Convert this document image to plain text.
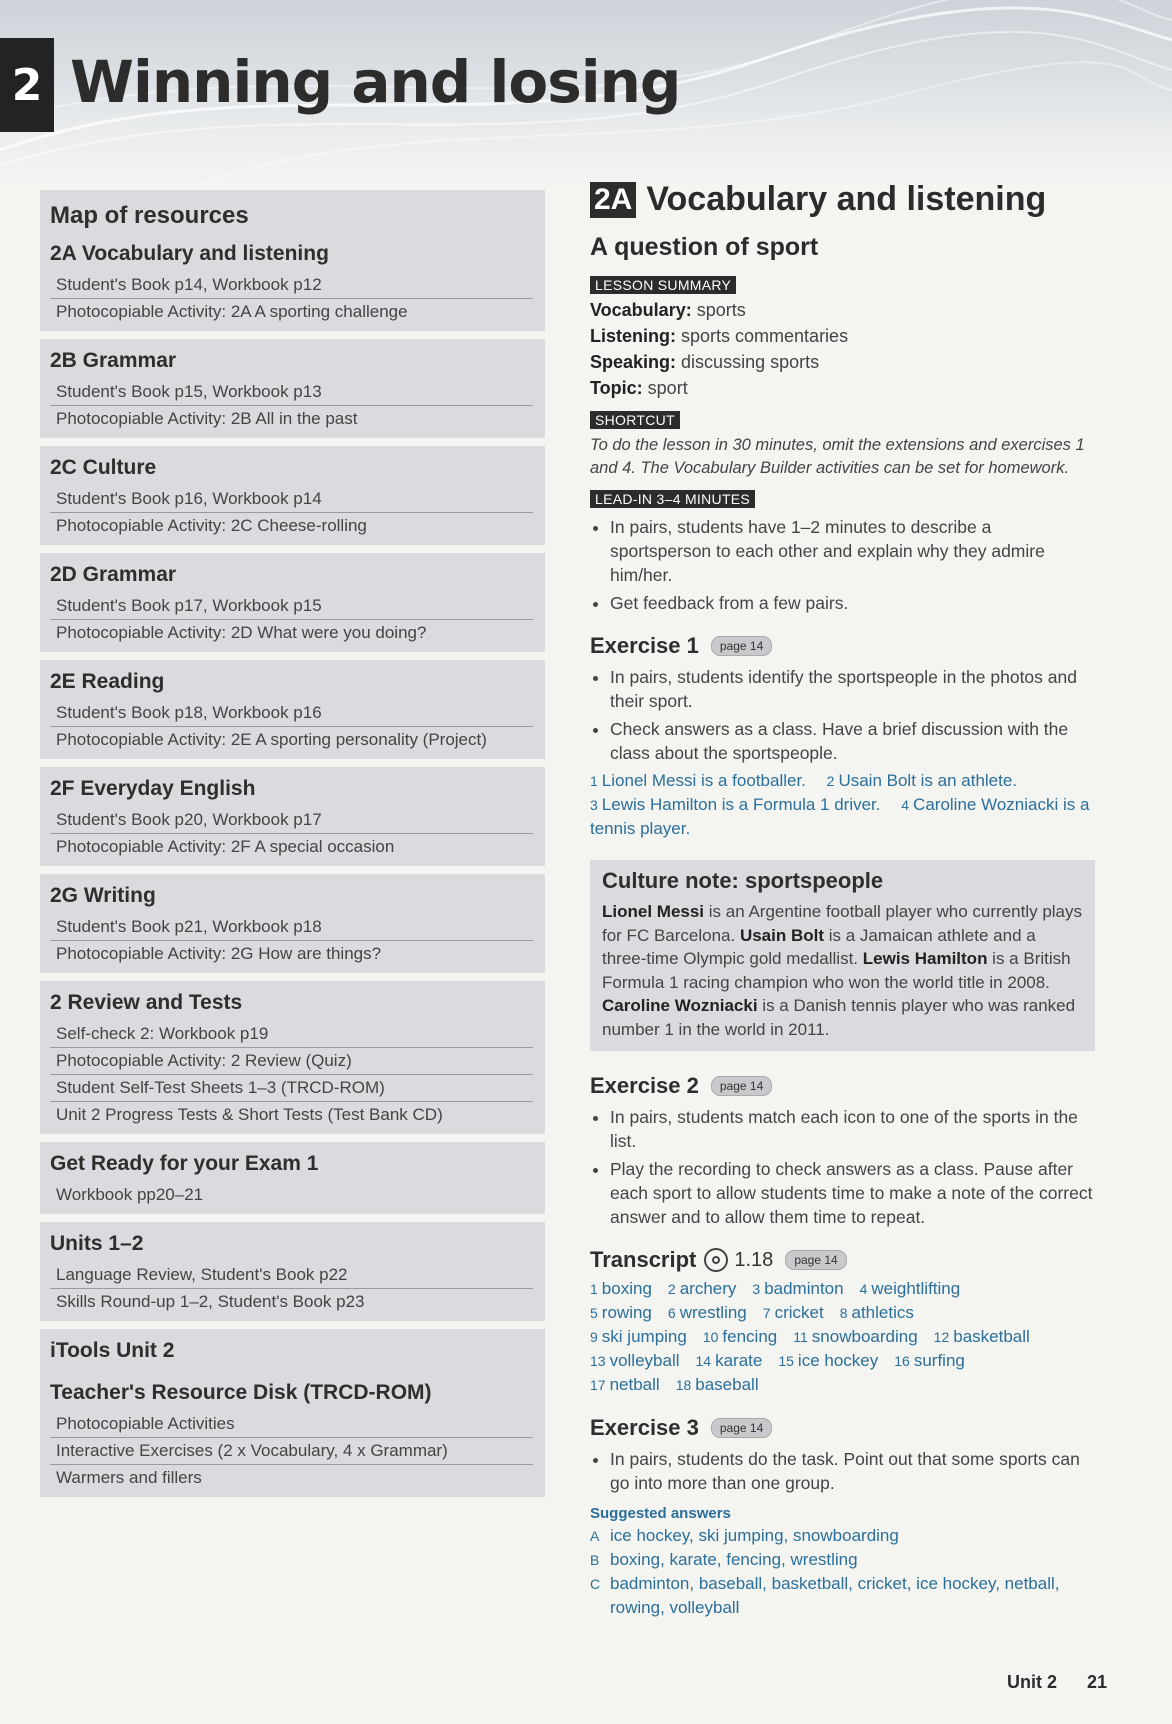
2 Winning and losing
Map of resources
2A Vocabulary and listening
Student's Book p14, Workbook p12
Photocopiable Activity: 2A A sporting challenge
2B Grammar
Student's Book p15, Workbook p13
Photocopiable Activity: 2B All in the past
2C Culture
Student's Book p16, Workbook p14
Photocopiable Activity: 2C Cheese-rolling
2D Grammar
Student's Book p17, Workbook p15
Photocopiable Activity: 2D What were you doing?
2E Reading
Student's Book p18, Workbook p16
Photocopiable Activity: 2E A sporting personality (Project)
2F Everyday English
Student's Book p20, Workbook p17
Photocopiable Activity: 2F A special occasion
2G Writing
Student's Book p21, Workbook p18
Photocopiable Activity: 2G How are things?
2 Review and Tests
Self-check 2: Workbook p19
Photocopiable Activity: 2 Review (Quiz)
Student Self-Test Sheets 1–3 (TRCD-ROM)
Unit 2 Progress Tests & Short Tests (Test Bank CD)
Get Ready for your Exam 1
Workbook pp20–21
Units 1–2
Language Review, Student's Book p22
Skills Round-up 1–2, Student's Book p23
iTools Unit 2
Teacher's Resource Disk (TRCD-ROM)
Photocopiable Activities
Interactive Exercises (2 x Vocabulary, 4 x Grammar)
Warmers and fillers
2A Vocabulary and listening
A question of sport
LESSON SUMMARY
Vocabulary: sports
Listening: sports commentaries
Speaking: discussing sports
Topic: sport
SHORTCUT
To do the lesson in 30 minutes, omit the extensions and exercises 1 and 4. The Vocabulary Builder activities can be set for homework.
LEAD-IN 3–4 MINUTES
• In pairs, students have 1–2 minutes to describe a sportsperson to each other and explain why they admire him/her.
• Get feedback from a few pairs.
Exercise 1	page 14
• In pairs, students identify the sportspeople in the photos and their sport.
• Check answers as a class. Have a brief discussion with the class about the sportspeople.
1 Lionel Messi is a footballer. 2 Usain Bolt is an athlete.
3 Lewis Hamilton is a Formula 1 driver. 4 Caroline Wozniacki is a tennis player.
Culture note: sportspeople
Lionel Messi is an Argentine football player who currently plays for FC Barcelona. Usain Bolt is a Jamaican athlete and a three-time Olympic gold medallist. Lewis Hamilton is a British Formula 1 racing champion who won the world title in 2008. Caroline Wozniacki is a Danish tennis player who was ranked number 1 in the world in 2011.
Exercise 2	page 14
• In pairs, students match each icon to one of the sports in the list.
• Play the recording to check answers as a class. Pause after each sport to allow students time to make a note of the correct answer and to allow them time to repeat.
Transcript 1.18	page 14
1 boxing 2 archery 3 badminton 4 weightlifting
5 rowing 6 wrestling 7 cricket 8 athletics
9 ski jumping 10 fencing 11 snowboarding 12 basketball
13 volleyball 14 karate 15 ice hockey 16 surfing
17 netball 18 baseball
Exercise 3	page 14
• In pairs, students do the task. Point out that some sports can go into more than one group.
Suggested answers
A ice hockey, ski jumping, snowboarding
B boxing, karate, fencing, wrestling
C badminton, baseball, basketball, cricket, ice hockey, netball, rowing, volleyball
Unit 2 21
